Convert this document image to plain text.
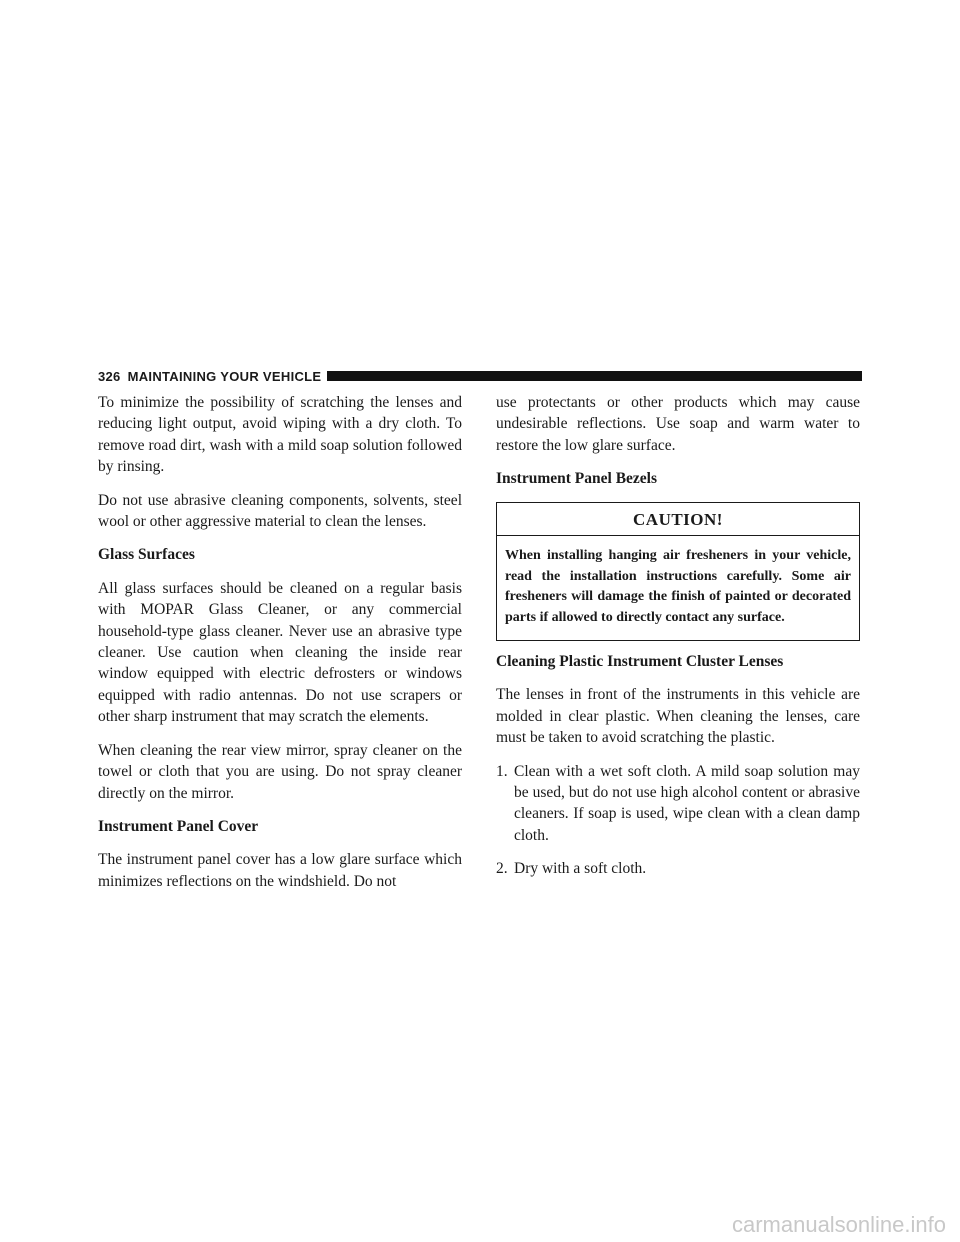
326 MAINTAINING YOUR VEHICLE

To minimize the possibility of scratching the lenses and reducing light output, avoid wiping with a dry cloth. To remove road dirt, wash with a mild soap solution followed by rinsing.

Do not use abrasive cleaning components, solvents, steel wool or other aggressive material to clean the lenses.

Glass Surfaces

All glass surfaces should be cleaned on a regular basis with MOPAR Glass Cleaner, or any commercial household-type glass cleaner. Never use an abrasive type cleaner. Use caution when cleaning the inside rear window equipped with electric defrosters or windows equipped with radio antennas. Do not use scrapers or other sharp instrument that may scratch the elements.

When cleaning the rear view mirror, spray cleaner on the towel or cloth that you are using. Do not spray cleaner directly on the mirror.

Instrument Panel Cover

The instrument panel cover has a low glare surface which minimizes reflections on the windshield. Do not

use protectants or other products which may cause undesirable reflections. Use soap and warm water to restore the low glare surface.

Instrument Panel Bezels
CAUTION!
When installing hanging air fresheners in your vehicle, read the installation instructions carefully. Some air fresheners will damage the finish of painted or decorated parts if allowed to directly contact any surface.
Cleaning Plastic Instrument Cluster Lenses

The lenses in front of the instruments in this vehicle are molded in clear plastic. When cleaning the lenses, care must be taken to avoid scratching the plastic.

1. Clean with a wet soft cloth. A mild soap solution may be used, but do not use high alcohol content or abrasive cleaners. If soap is used, wipe clean with a clean damp cloth.
2. Dry with a soft cloth.
carmanualsonline.info
